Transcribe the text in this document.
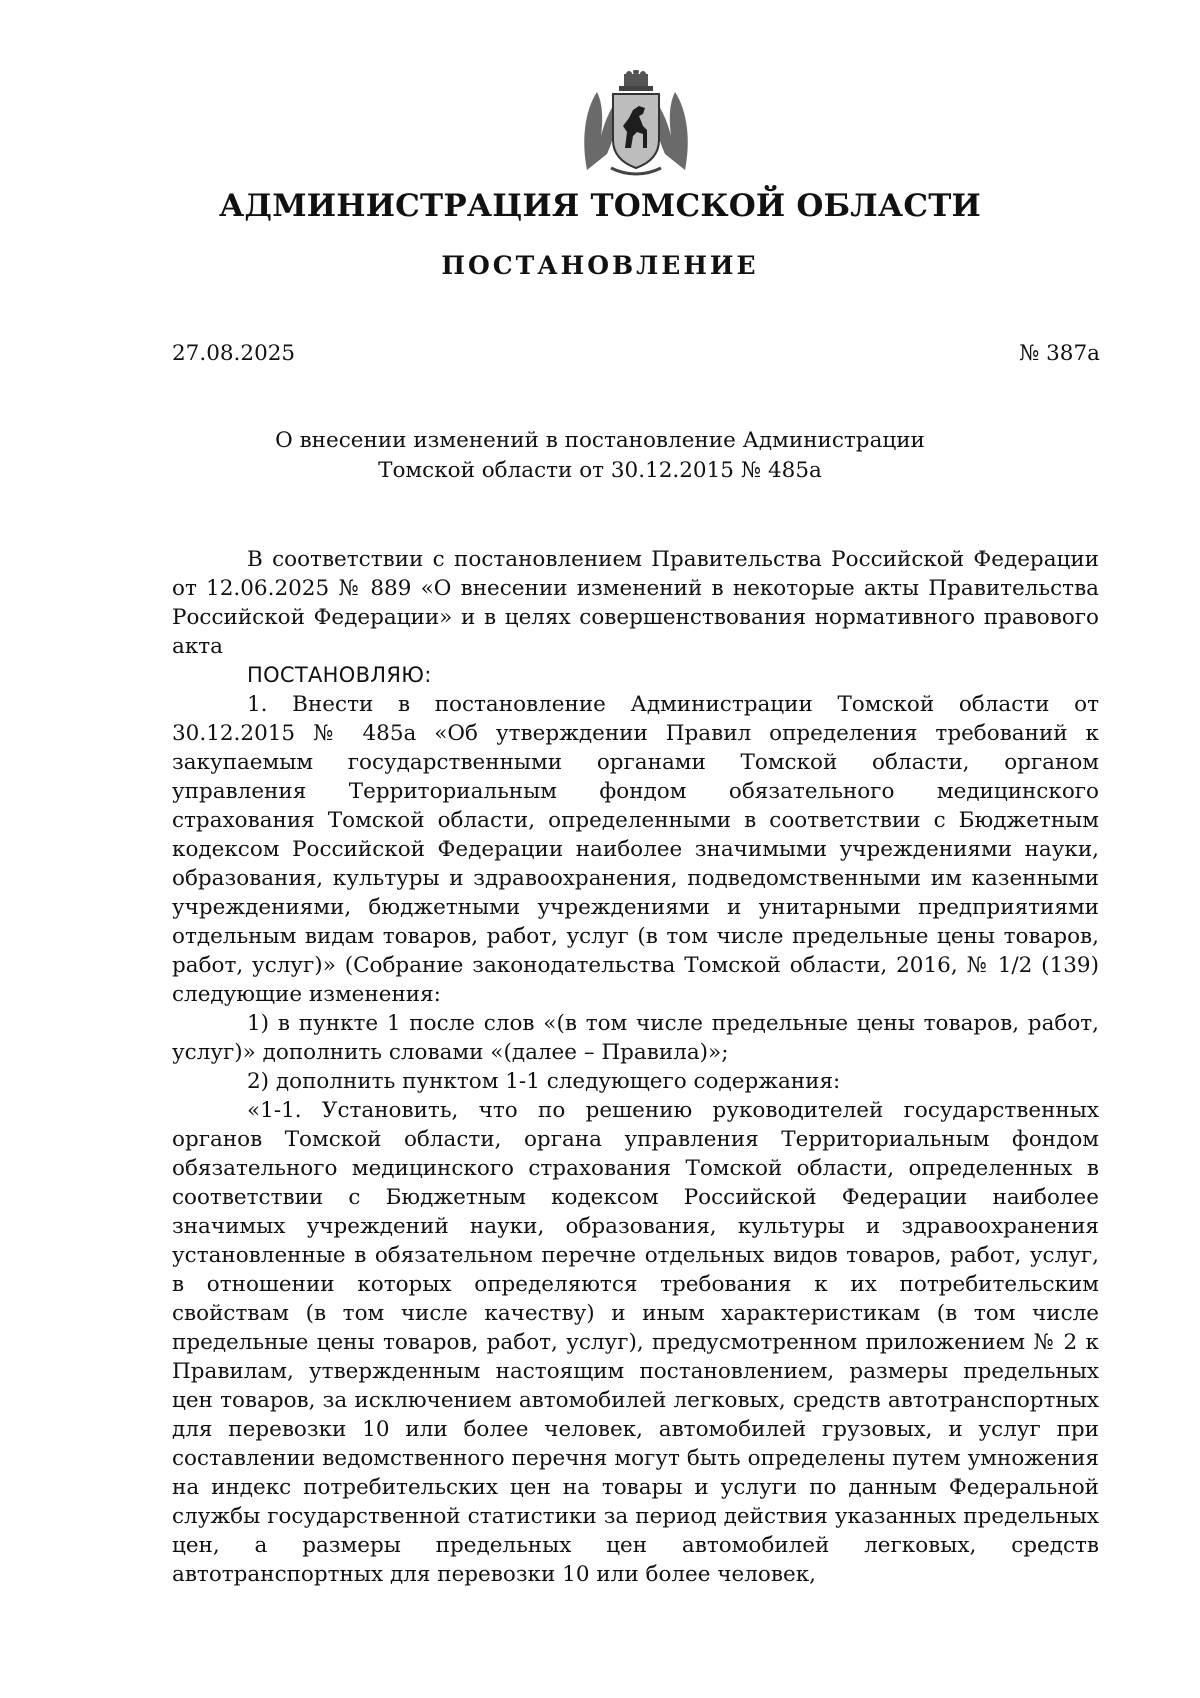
АДМИНИСТРАЦИЯ ТОМСКОЙ ОБЛАСТИ
ПОСТАНОВЛЕНИЕ
27.08.2025	№ 387а
О внесении изменений в постановление Администрации
Томской области от 30.12.2015 № 485а

В соответствии с постановлением Правительства Российской Федерации от 12.06.2025 № 889 «О внесении изменений в некоторые акты Правительства Российской Федерации» и в целях совершенствования нормативного правового акта

ПОСТАНОВЛЯЮ:

1. Внести в постановление Администрации Томской области от 30.12.2015 № 485а «Об утверждении Правил определения требований к закупаемым государственными органами Томской области, органом управления Территориальным фондом обязательного медицинского страхования Томской области, определенными в соответствии с Бюджетным кодексом Российской Федерации наиболее значимыми учреждениями науки, образования, культуры и здравоохранения, подведомственными им казенными учреждениями, бюджетными учреждениями и унитарными предприятиями отдельным видам товаров, работ, услуг (в том числе предельные цены товаров, работ, услуг)» (Собрание законодательства Томской области, 2016, № 1/2 (139) следующие изменения:

1) в пункте 1 после слов «(в том числе предельные цены товаров, работ, услуг)» дополнить словами «(далее – Правила)»;

2) дополнить пунктом 1-1 следующего содержания:

«1-1. Установить, что по решению руководителей государственных органов Томской области, органа управления Территориальным фондом обязательного медицинского страхования Томской области, определенных в соответствии с Бюджетным кодексом Российской Федерации наиболее значимых учреждений науки, образования, культуры и здравоохранения установленные в обязательном перечне отдельных видов товаров, работ, услуг, в отношении которых определяются требования к их потребительским свойствам (в том числе качеству) и иным характеристикам (в том числе предельные цены товаров, работ, услуг), предусмотренном приложением № 2 к Правилам, утвержденным настоящим постановлением, размеры предельных цен товаров, за исключением автомобилей легковых, средств автотранспортных для перевозки 10 или более человек, автомобилей грузовых, и услуг при составлении ведомственного перечня могут быть определены путем умножения на индекс потребительских цен на товары и услуги по данным Федеральной службы государственной статистики за период действия указанных предельных цен, а размеры предельных цен автомобилей легковых, средств автотранспортных для перевозки 10 или более человек,
